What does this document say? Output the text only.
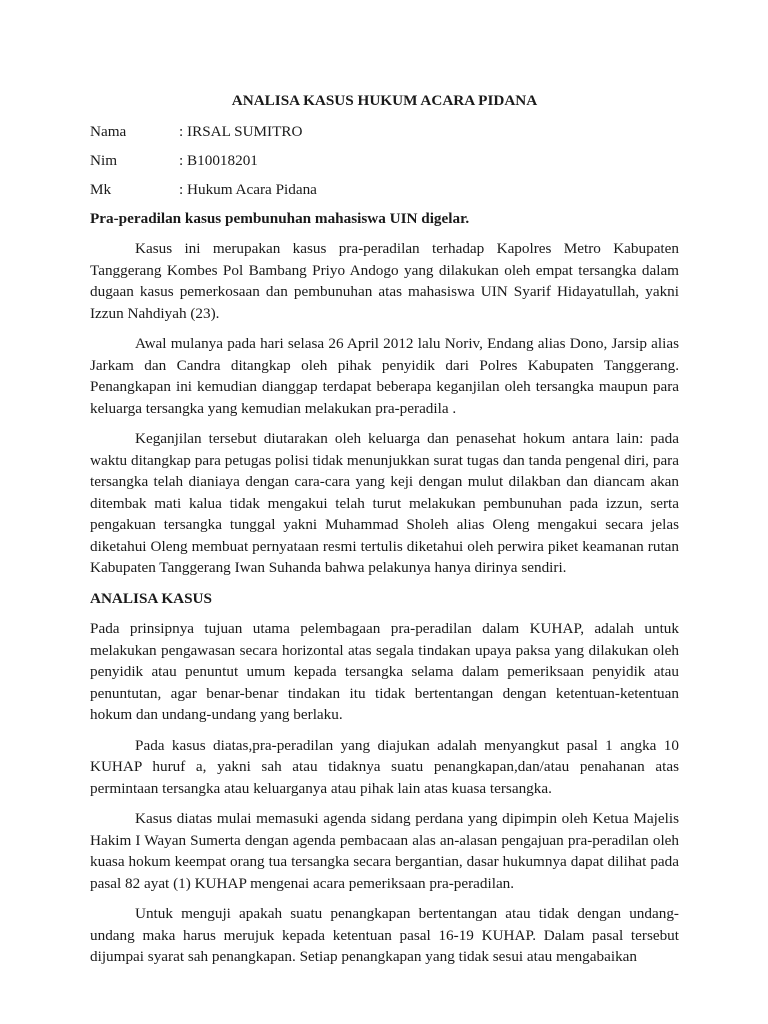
ANALISA KASUS HUKUM ACARA PIDANA
Nama	: IRSAL SUMITRO
Nim	: B10018201
Mk	: Hukum Acara Pidana
Pra-peradilan kasus pembunuhan mahasiswa UIN digelar.

Kasus ini merupakan kasus pra-peradilan terhadap Kapolres Metro Kabupaten Tanggerang Kombes Pol Bambang Priyo Andogo yang dilakukan oleh empat tersangka dalam dugaan kasus pemerkosaan dan pembunuhan atas mahasiswa UIN Syarif Hidayatullah, yakni Izzun Nahdiyah (23).

Awal mulanya pada hari selasa 26 April 2012 lalu Noriv, Endang alias Dono, Jarsip alias Jarkam dan Candra ditangkap oleh pihak penyidik dari Polres Kabupaten Tanggerang. Penangkapan ini kemudian dianggap terdapat beberapa keganjilan oleh tersangka maupun para keluarga tersangka yang kemudian melakukan pra-peradila .

Keganjilan tersebut diutarakan oleh keluarga dan penasehat hokum antara lain: pada waktu ditangkap para petugas polisi tidak menunjukkan surat tugas dan tanda pengenal diri, para tersangka telah dianiaya dengan cara-cara yang keji dengan mulut dilakban dan diancam akan ditembak mati kalua tidak mengakui telah turut melakukan pembunuhan pada izzun, serta pengakuan tersangka tunggal yakni Muhammad Sholeh alias Oleng mengakui secara jelas diketahui Oleng membuat pernyataan resmi tertulis diketahui oleh perwira piket keamanan rutan Kabupaten Tanggerang Iwan Suhanda bahwa pelakunya hanya dirinya sendiri.

ANALISA KASUS

Pada prinsipnya tujuan utama pelembagaan pra-peradilan dalam KUHAP, adalah untuk melakukan pengawasan secara horizontal atas segala tindakan upaya paksa yang dilakukan oleh penyidik atau penuntut umum kepada tersangka selama dalam pemeriksaan penyidik atau penuntutan, agar benar-benar tindakan itu tidak bertentangan dengan ketentuan-ketentuan hokum dan undang-undang yang berlaku.

Pada kasus diatas,pra-peradilan yang diajukan adalah menyangkut pasal 1 angka 10 KUHAP huruf a, yakni sah atau tidaknya suatu penangkapan,dan/atau penahanan atas permintaan tersangka atau keluarganya atau pihak lain atas kuasa tersangka.

Kasus diatas mulai memasuki agenda sidang perdana yang dipimpin oleh Ketua Majelis Hakim I Wayan Sumerta dengan agenda pembacaan alas an-alasan pengajuan pra-peradilan oleh kuasa hokum keempat orang tua tersangka secara bergantian, dasar hukumnya dapat dilihat pada pasal 82 ayat (1) KUHAP mengenai acara pemeriksaan pra-peradilan.

Untuk menguji apakah suatu penangkapan bertentangan atau tidak dengan undang-undang maka harus merujuk kepada ketentuan pasal 16-19 KUHAP. Dalam pasal tersebut dijumpai syarat sah penangkapan. Setiap penangkapan yang tidak sesui atau mengabaikan
